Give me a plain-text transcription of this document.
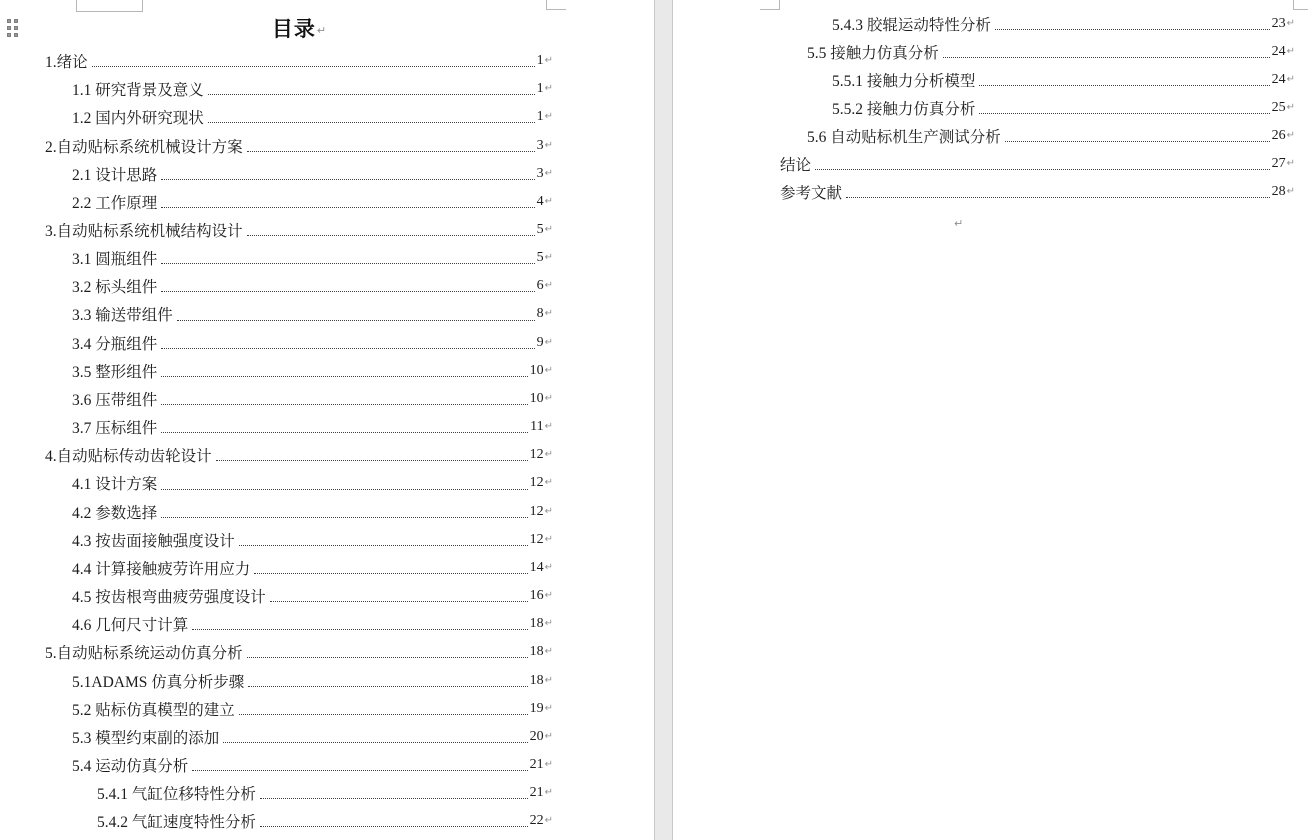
目录↵
1.绪论	1 ↵
1.1 研究背景及意义	1 ↵
1.2 国内外研究现状	1 ↵
2.自动贴标系统机械设计方案	3 ↵
2.1 设计思路	3 ↵
2.2 工作原理	4 ↵
3.自动贴标系统机械结构设计	5 ↵
3.1 圆瓶组件	5 ↵
3.2 标头组件	6 ↵
3.3 输送带组件	8 ↵
3.4 分瓶组件	9 ↵
3.5 整形组件	10 ↵
3.6 压带组件	10 ↵
3.7 压标组件	11 ↵
4.自动贴标传动齿轮设计	12 ↵
4.1 设计方案	12 ↵
4.2 参数选择	12 ↵
4.3 按齿面接触强度设计	12 ↵
4.4 计算接触疲劳许用应力	14 ↵
4.5 按齿根弯曲疲劳强度设计	16 ↵
4.6 几何尺寸计算	18 ↵
5.自动贴标系统运动仿真分析	18 ↵
5.1ADAMS 仿真分析步骤	18 ↵
5.2 贴标仿真模型的建立	19 ↵
5.3 模型约束副的添加	20 ↵
5.4 运动仿真分析	21 ↵
5.4.1 气缸位移特性分析	21 ↵
5.4.2 气缸速度特性分析	22 ↵
5.4.3 胶辊运动特性分析	23 ↵
5.5 接触力仿真分析	24 ↵
5.5.1 接触力分析模型	24 ↵
5.5.2 接触力仿真分析	25 ↵
5.6 自动贴标机生产测试分析	26 ↵
结论	27 ↵
参考文献	28 ↵
↵
